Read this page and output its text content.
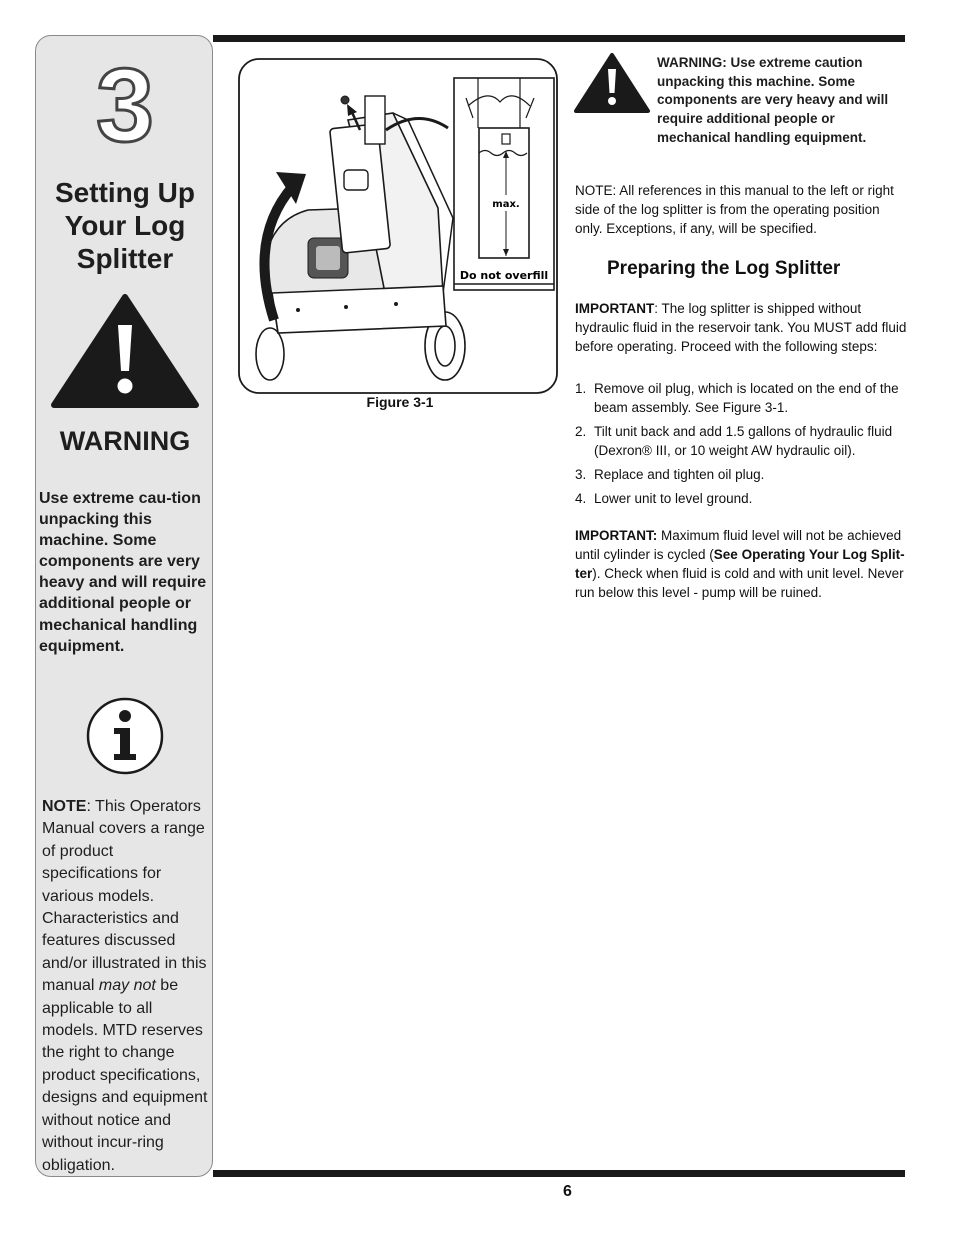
3
Setting Up
Your Log
Splitter
WARNING
Use extreme cau-tion unpacking this machine. Some components are very heavy and will require additional people or mechanical handling equipment.
NOTE: This Operators Manual covers a range of product specifications for various models. Characteristics and features discussed and/or illustrated in this manual may not be applicable to all models. MTD reserves the right to change product specifications, designs and equipment without notice and without incur-ring obligation.
max.
Do not overfill
Figure 3-1
WARNING: Use extreme caution unpacking this machine. Some components are very heavy and will require additional people or mechanical handling equipment.
NOTE: All references in this manual to the left or right side of the log splitter is from the operating position only. Exceptions, if any, will be specified.
Preparing the Log Splitter
IMPORTANT: The log splitter is shipped without hydraulic fluid in the reservoir tank. You MUST add fluid before operating. Proceed with the following steps:
1. Remove oil plug, which is located on the end of the beam assembly. See Figure 3-1.
2. Tilt unit back and add 1.5 gallons of hydraulic fluid (Dexron® III, or 10 weight AW hydraulic oil).
3. Replace and tighten oil plug.
4. Lower unit to level ground.
IMPORTANT: Maximum fluid level will not be achieved until cylinder is cycled (See Operating Your Log Split-ter). Check when fluid is cold and with unit level. Never run below this level - pump will be ruined.
6
